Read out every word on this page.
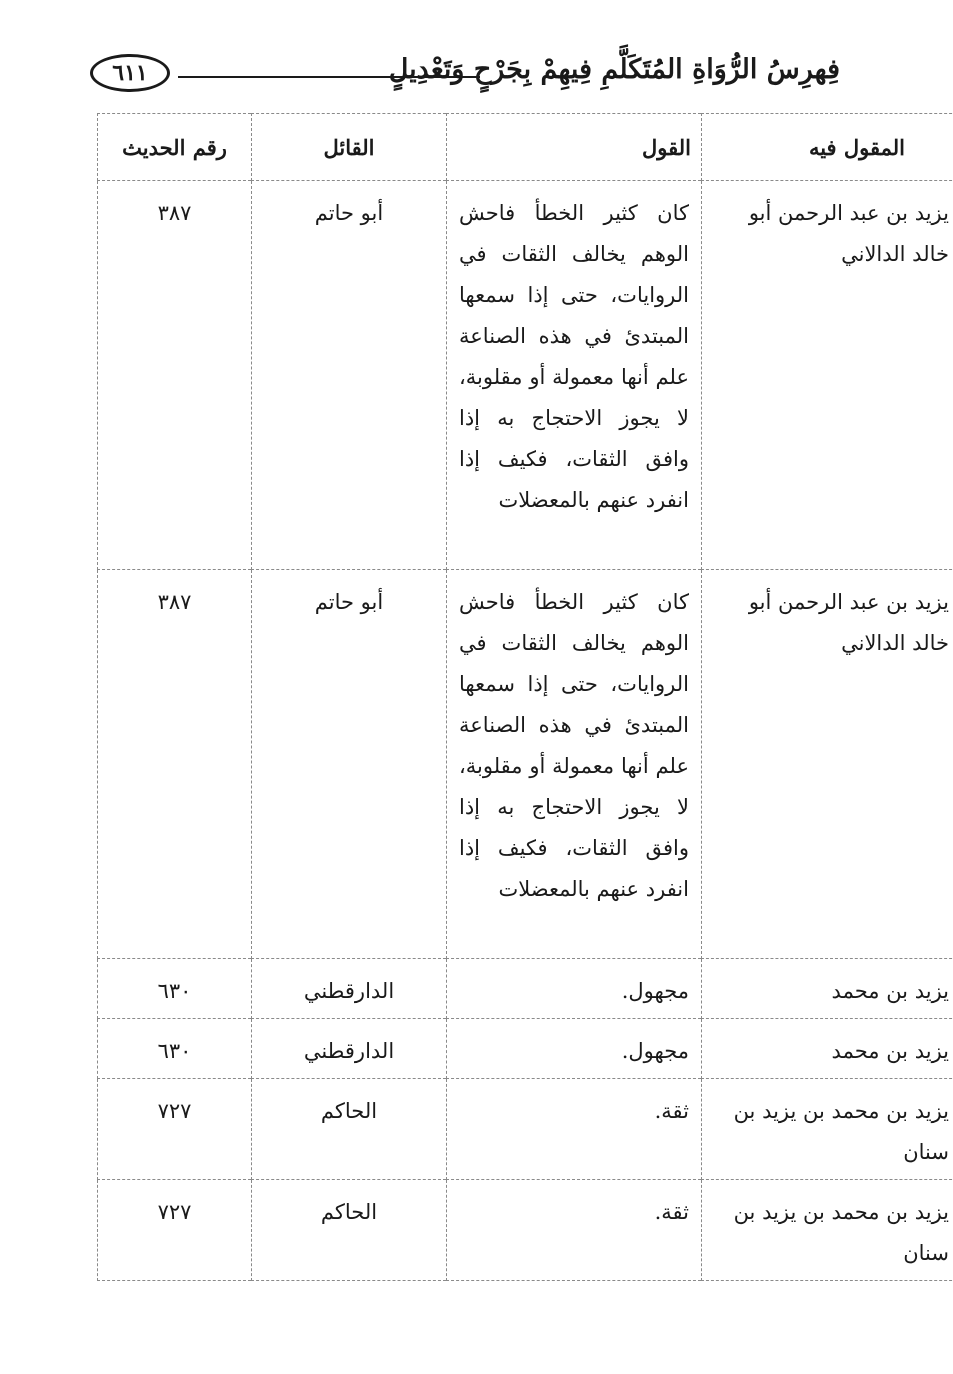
فِهرِسُ الرُّوَاةِ المُتَكَلَّمِ فِيهِمْ بِجَرْحٍ وَتَعْدِيلٍ
٦١١
المقول فيه	القول	القائل	رقم الحديث
يزيد بن عبد الرحمن أبو خالد الدالاني	كان كثير الخطأ فاحش الوهم يخالف الثقات في الروايات، حتى إذا سمعها المبتدئ في هذه الصناعة علم أنها معمولة أو مقلوبة، لا يجوز الاحتجاج به إذا وافق الثقات، فكيف إذا انفرد عنهم بالمعضلات	أبو حاتم	٣٨٧
يزيد بن عبد الرحمن أبو خالد الدالاني	كان كثير الخطأ فاحش الوهم يخالف الثقات في الروايات، حتى إذا سمعها المبتدئ في هذه الصناعة علم أنها معمولة أو مقلوبة، لا يجوز الاحتجاج به إذا وافق الثقات، فكيف إذا انفرد عنهم بالمعضلات	أبو حاتم	٣٨٧
يزيد بن محمد	مجهول.	الدارقطني	٦٣٠
يزيد بن محمد	مجهول.	الدارقطني	٦٣٠
يزيد بن محمد بن يزيد بن سنان	ثقة.	الحاكم	٧٢٧
يزيد بن محمد بن يزيد بن سنان	ثقة.	الحاكم	٧٢٧
